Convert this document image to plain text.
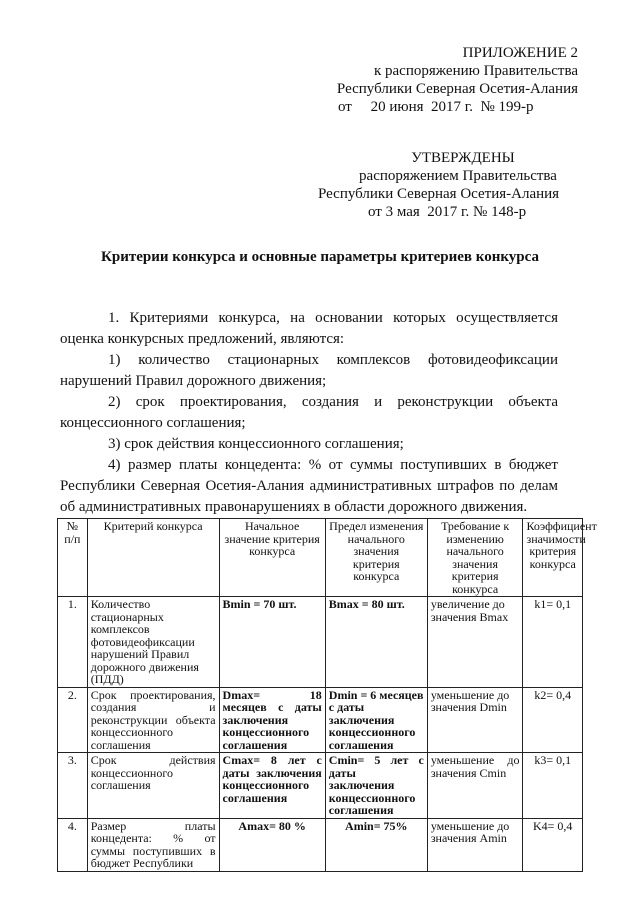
ПРИЛОЖЕНИЕ 2
к распоряжению Правительства
Республики Северная Осетия-Алания
от     20 июня  2017 г.  № 199-р
УТВЕРЖДЕНЫ
распоряжением Правительства
Республики Северная Осетия-Алания
от 3 мая  2017 г. № 148-р
Критерии конкурса и основные параметры критериев конкурса
1. Критериями конкурса, на основании которых осуществляется оценка конкурсных предложений, являются:
1) количество стационарных комплексов фотовидеофиксации нарушений Правил дорожного движения;
2) срок проектирования, создания и реконструкции объекта концессионного соглашения;
3) срок действия концессионного соглашения;
4) размер платы концедента: % от суммы поступивших в бюджет Республики Северная Осетия-Алания административных штрафов по делам об административных правонарушениях в области дорожного движения.
№ п/п	Критерий конкурса	Начальное значение критерия конкурса	Предел изменения начального значения критерия конкурса	Требование к изменению начального значения критерия конкурса	Коэффициент значимости критерия конкурса
1.	Количество стационарных комплексов фотовидеофиксации нарушений Правил дорожного движения (ПДД)	Bmin = 70 шт.	Bmax = 80 шт.	увеличение до значения Bmax	k1= 0,1
2.	Срок проектирования, создания и реконструкции объекта концессионного соглашения	Dmax= 18 месяцев с даты заключения концессионного соглашения	Dmin = 6 месяцев с даты заключения концессионного соглашения	уменьшение до значения Dmin	k2= 0,4
3.	Срок действия концессионного соглашения	Cmax= 8 лет с даты заключения концессионного соглашения	Cmin= 5 лет с даты заключения концессионного соглашения	уменьшение до значения Cmin	k3= 0,1
4.	Размер платы концедента: % от суммы поступивших в бюджет Республики	Amax= 80 %	Amin= 75%	уменьшение до значения Amin	K4= 0,4
